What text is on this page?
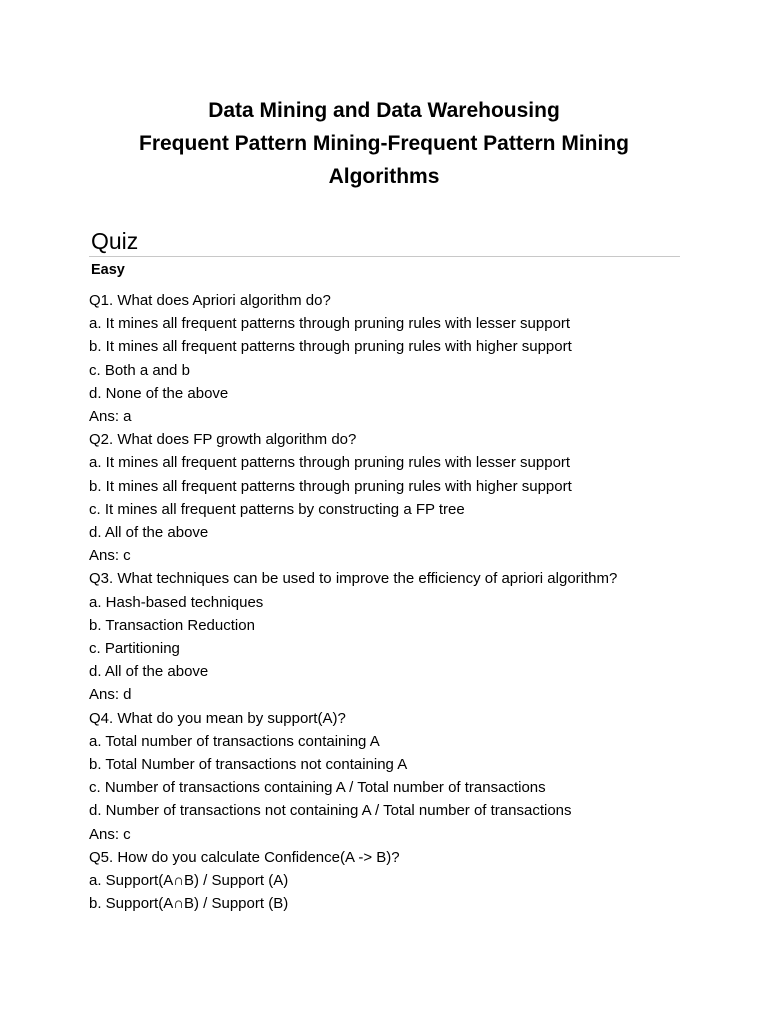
Data Mining and Data Warehousing
Frequent Pattern Mining-Frequent Pattern Mining
Algorithms
Quiz
Easy
Q1. What does Apriori algorithm do?
a. It mines all frequent patterns through pruning rules with lesser support
b. It mines all frequent patterns through pruning rules with higher support
c. Both a and b
d. None of the above
Ans: a
Q2. What does FP growth algorithm do?
a. It mines all frequent patterns through pruning rules with lesser support
b. It mines all frequent patterns through pruning rules with higher support
c. It mines all frequent patterns by constructing a FP tree
d. All of the above
Ans: c
Q3. What techniques can be used to improve the efficiency of apriori algorithm?
a. Hash-based techniques
b. Transaction Reduction
c. Partitioning
d. All of the above
Ans: d
Q4. What do you mean by support(A)?
a. Total number of transactions containing A
b. Total Number of transactions not containing A
c. Number of transactions containing A / Total number of transactions
d. Number of transactions not containing A / Total number of transactions
Ans: c
Q5. How do you calculate Confidence(A -> B)?
a. Support(A∩B) / Support (A)
b. Support(A∩B) / Support (B)
